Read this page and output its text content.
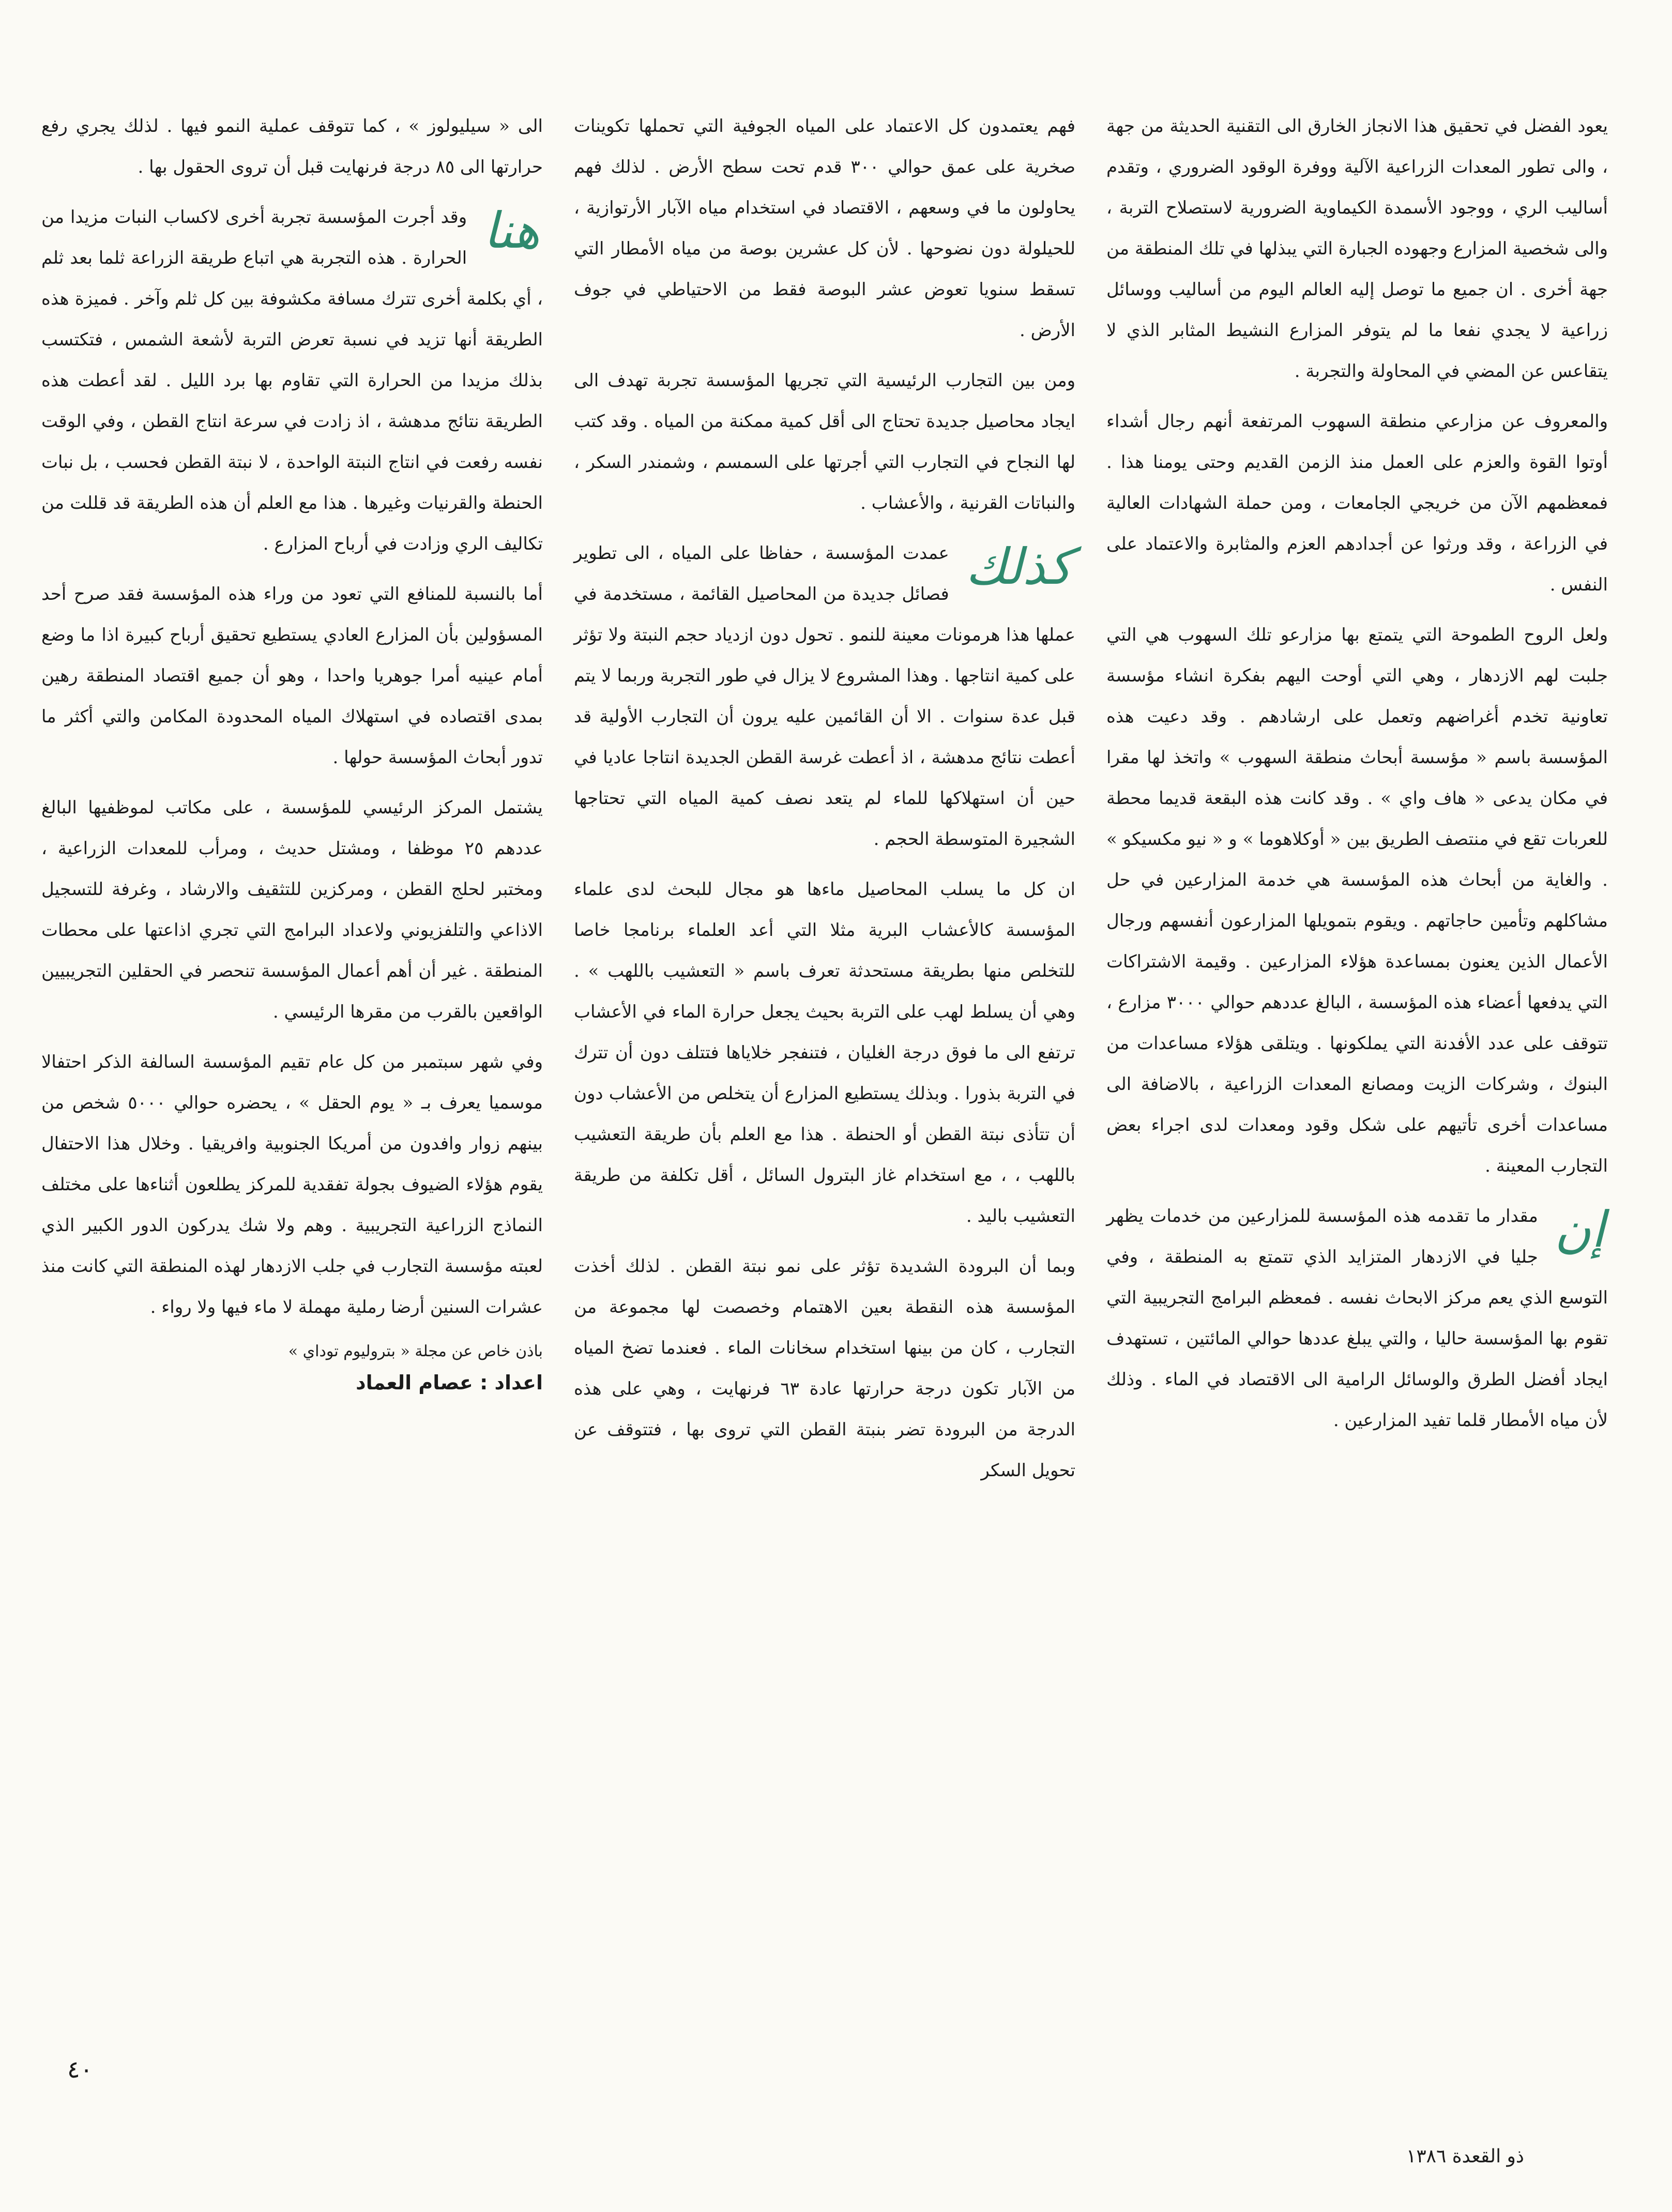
يعود الفضل في تحقيق هذا الانجاز الخارق الى التقنية الحديثة من جهة ، والى تطور المعدات الزراعية الآلية ووفرة الوقود الضروري ، وتقدم أساليب الري ، ووجود الأسمدة الكيماوية الضرورية لاستصلاح التربة ، والى شخصية المزارع وجهوده الجبارة التي يبذلها في تلك المنطقة من جهة أخرى . ان جميع ما توصل إليه العالم اليوم من أساليب ووسائل زراعية لا يجدي نفعا ما لم يتوفر المزارع النشيط المثابر الذي لا يتقاعس عن المضي في المحاولة والتجربة .

والمعروف عن مزارعي منطقة السهوب المرتفعة أنهم رجال أشداء أوتوا القوة والعزم على العمل منذ الزمن القديم وحتى يومنا هذا . فمعظمهم الآن من خريجي الجامعات ، ومن حملة الشهادات العالية في الزراعة ، وقد ورثوا عن أجدادهم العزم والمثابرة والاعتماد على النفس .

ولعل الروح الطموحة التي يتمتع بها مزارعو تلك السهوب هي التي جلبت لهم الازدهار ، وهي التي أوحت اليهم بفكرة انشاء مؤسسة تعاونية تخدم أغراضهم وتعمل على ارشادهم . وقد دعيت هذه المؤسسة باسم « مؤسسة أبحاث منطقة السهوب » واتخذ لها مقرا في مكان يدعى « هاف واي » . وقد كانت هذه البقعة قديما محطة للعربات تقع في منتصف الطريق بين « أوكلاهوما » و « نيو مكسيكو » . والغاية من أبحاث هذه المؤسسة هي خدمة المزارعين في حل مشاكلهم وتأمين حاجاتهم . ويقوم بتمويلها المزارعون أنفسهم ورجال الأعمال الذين يعنون بمساعدة هؤلاء المزارعين . وقيمة الاشتراكات التي يدفعها أعضاء هذه المؤسسة ، البالغ عددهم حوالي ٣٠٠٠ مزارع ، تتوقف على عدد الأفدنة التي يملكونها . ويتلقى هؤلاء مساعدات من البنوك ، وشركات الزيت ومصانع المعدات الزراعية ، بالاضافة الى مساعدات أخرى تأتيهم على شكل وقود ومعدات لدى اجراء بعض التجارب المعينة .

إن
مقدار ما تقدمه هذه المؤسسة للمزارعين من خدمات يظهر جليا في الازدهار المتزايد الذي تتمتع به المنطقة ، وفي التوسع الذي يعم مركز الابحاث نفسه . فمعظم البرامج التجريبية التي تقوم بها المؤسسة حاليا ، والتي يبلغ عددها حوالي المائتين ، تستهدف ايجاد أفضل الطرق والوسائل الرامية الى الاقتصاد في الماء . وذلك لأن مياه الأمطار قلما تفيد المزارعين .

فهم يعتمدون كل الاعتماد على المياه الجوفية التي تحملها تكوينات صخرية على عمق حوالي ٣٠٠ قدم تحت سطح الأرض . لذلك فهم يحاولون ما في وسعهم ، الاقتصاد في استخدام مياه الآبار الأرتوازية ، للحيلولة دون نضوحها . لأن كل عشرين بوصة من مياه الأمطار التي تسقط سنويا تعوض عشر البوصة فقط من الاحتياطي في جوف الأرض .

ومن بين التجارب الرئيسية التي تجريها المؤسسة تجربة تهدف الى ايجاد محاصيل جديدة تحتاج الى أقل كمية ممكنة من المياه . وقد كتب لها النجاح في التجارب التي أجرتها على السمسم ، وشمندر السكر ، والنباتات القرنية ، والأعشاب .

كذلك
عمدت المؤسسة ، حفاظا على المياه ، الى تطوير فصائل جديدة من المحاصيل القائمة ، مستخدمة في عملها هذا هرمونات معينة للنمو . تحول دون ازدياد حجم النبتة ولا تؤثر على كمية انتاجها . وهذا المشروع لا يزال في طور التجربة وربما لا يتم قبل عدة سنوات . الا أن القائمين عليه يرون أن التجارب الأولية قد أعطت نتائج مدهشة ، اذ أعطت غرسة القطن الجديدة انتاجا عاديا في حين أن استهلاكها للماء لم يتعد نصف كمية المياه التي تحتاجها الشجيرة المتوسطة الحجم .

ان كل ما يسلب المحاصيل ماءها هو مجال للبحث لدى علماء المؤسسة كالأعشاب البرية مثلا التي أعد العلماء برنامجا خاصا للتخلص منها بطريقة مستحدثة تعرف باسم « التعشيب باللهب » . وهي أن يسلط لهب على التربة بحيث يجعل حرارة الماء في الأعشاب ترتفع الى ما فوق درجة الغليان ، فتنفجر خلاياها فتتلف دون أن تترك في التربة بذورا . وبذلك يستطيع المزارع أن يتخلص من الأعشاب دون أن تتأذى نبتة القطن أو الحنطة . هذا مع العلم بأن طريقة التعشيب باللهب ، ، مع استخدام غاز البترول السائل ، أقل تكلفة من طريقة التعشيب باليد .

وبما أن البرودة الشديدة تؤثر على نمو نبتة القطن . لذلك أخذت المؤسسة هذه النقطة بعين الاهتمام وخصصت لها مجموعة من التجارب ، كان من بينها استخدام سخانات الماء . فعندما تضخ المياه من الآبار تكون درجة حرارتها عادة ٦٣ فرنهايت ، وهي على هذه الدرجة من البرودة تضر بنبتة القطن التي تروى بها ، فتتوقف عن تحويل السكر

الى « سيليولوز » ، كما تتوقف عملية النمو فيها . لذلك يجري رفع حرارتها الى ٨٥ درجة فرنهايت قبل أن تروى الحقول بها .

هنا
وقد أجرت المؤسسة تجربة أخرى لاكساب النبات مزيدا من الحرارة . هذه التجربة هي اتباع طريقة الزراعة ثلما بعد ثلم ، أي بكلمة أخرى تترك مسافة مكشوفة بين كل ثلم وآخر . فميزة هذه الطريقة أنها تزيد في نسبة تعرض التربة لأشعة الشمس ، فتكتسب بذلك مزيدا من الحرارة التي تقاوم بها برد الليل . لقد أعطت هذه الطريقة نتائج مدهشة ، اذ زادت في سرعة انتاج القطن ، وفي الوقت نفسه رفعت في انتاج النبتة الواحدة ، لا نبتة القطن فحسب ، بل نبات الحنطة والقرنيات وغيرها . هذا مع العلم أن هذه الطريقة قد قللت من تكاليف الري وزادت في أرباح المزارع .

أما بالنسبة للمنافع التي تعود من وراء هذه المؤسسة فقد صرح أحد المسؤولين بأن المزارع العادي يستطيع تحقيق أرباح كبيرة اذا ما وضع أمام عينيه أمرا جوهريا واحدا ، وهو أن جميع اقتصاد المنطقة رهين بمدى اقتصاده في استهلاك المياه المحدودة المكامن والتي أكثر ما تدور أبحاث المؤسسة حولها .

يشتمل المركز الرئيسي للمؤسسة ، على مكاتب لموظفيها البالغ عددهم ٢٥ موظفا ، ومشتل حديث ، ومرأب للمعدات الزراعية ، ومختبر لحلج القطن ، ومركزين للتثقيف والارشاد ، وغرفة للتسجيل الاذاعي والتلفزيوني ولاعداد البرامج التي تجري اذاعتها على محطات المنطقة . غير أن أهم أعمال المؤسسة تنحصر في الحقلين التجريبيين الواقعين بالقرب من مقرها الرئيسي .

وفي شهر سبتمبر من كل عام تقيم المؤسسة السالفة الذكر احتفالا موسميا يعرف بـ « يوم الحقل » ، يحضره حوالي ٥٠٠٠ شخص من بينهم زوار وافدون من أمريكا الجنوبية وافريقيا . وخلال هذا الاحتفال يقوم هؤلاء الضيوف بجولة تفقدية للمركز يطلعون أثناءها على مختلف النماذج الزراعية التجريبية . وهم ولا شك يدركون الدور الكبير الذي لعبته مؤسسة التجارب في جلب الازدهار لهذه المنطقة التي كانت منذ عشرات السنين أرضا رملية مهملة لا ماء فيها ولا رواء .

باذن خاص عن مجلة « بتروليوم توداي »

اعداد : عصام العماد

٤٠
ذو القعدة ١٣٨٦
